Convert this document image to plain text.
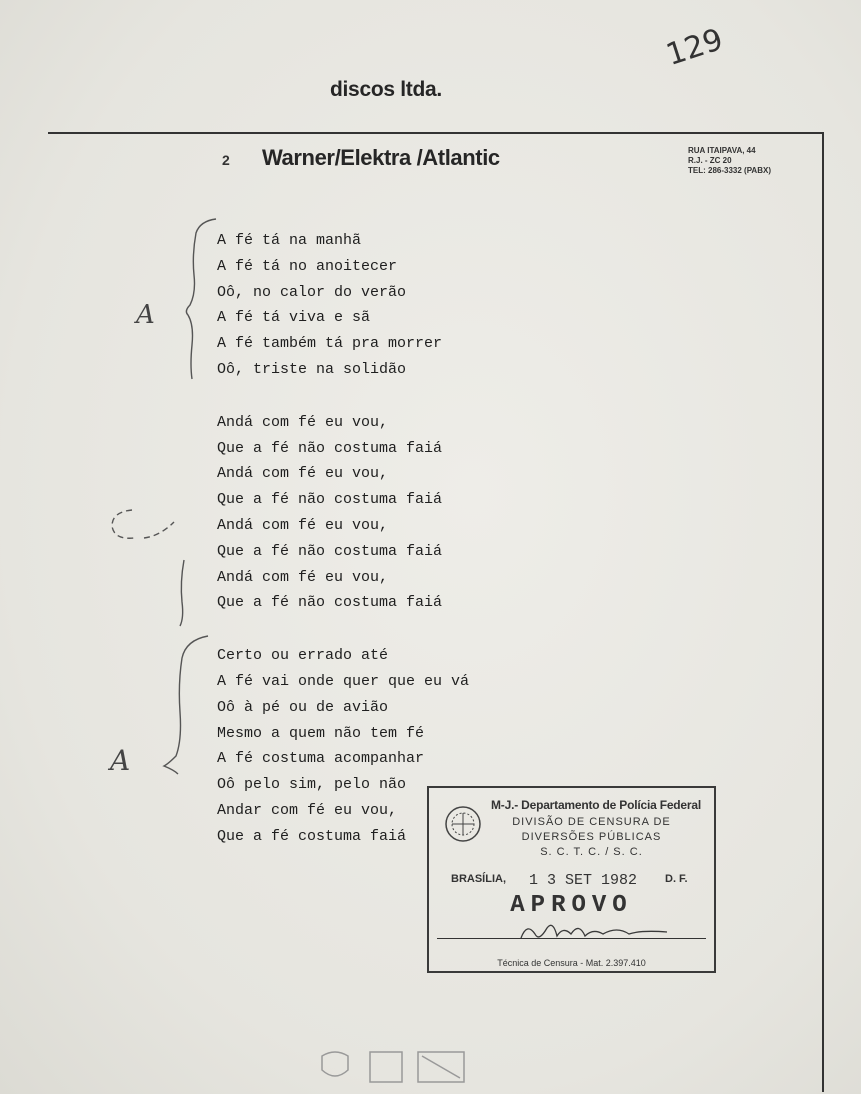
discos ltda.
129
2 Warner/Elektra /Atlantic	RUA ITAIPAVA, 44
R.J. - ZC 20
TEL: 286-3332 (PABX)
A
A
A fé tá na manhã
A fé tá no anoitecer
Oô, no calor do verão
A fé tá viva e sã
A fé também tá pra morrer
Oô, triste na solidão
Andá com fé eu vou,
Que a fé não costuma faiá
Andá com fé eu vou,
Que a fé não costuma faiá
Andá com fé eu vou,
Que a fé não costuma faiá
Andá com fé eu vou,
Que a fé não costuma faiá
Certo ou errado até
A fé vai onde quer que eu vá
Oô à pé ou de avião
Mesmo a quem não tem fé
A fé costuma acompanhar
Oô pelo sim, pelo não
Andar com fé eu vou,
Que a fé costuma faiá
M-J.- Departamento de Polícia Federal
DIVISÃO DE CENSURA DE
DIVERSÕES PÚBLICAS
S. C. T. C. / S. C.
BRASÍLIA, 1 3 SET 1982	D. F.
APROVO
Técnica de Censura - Mat. 2.397.410
